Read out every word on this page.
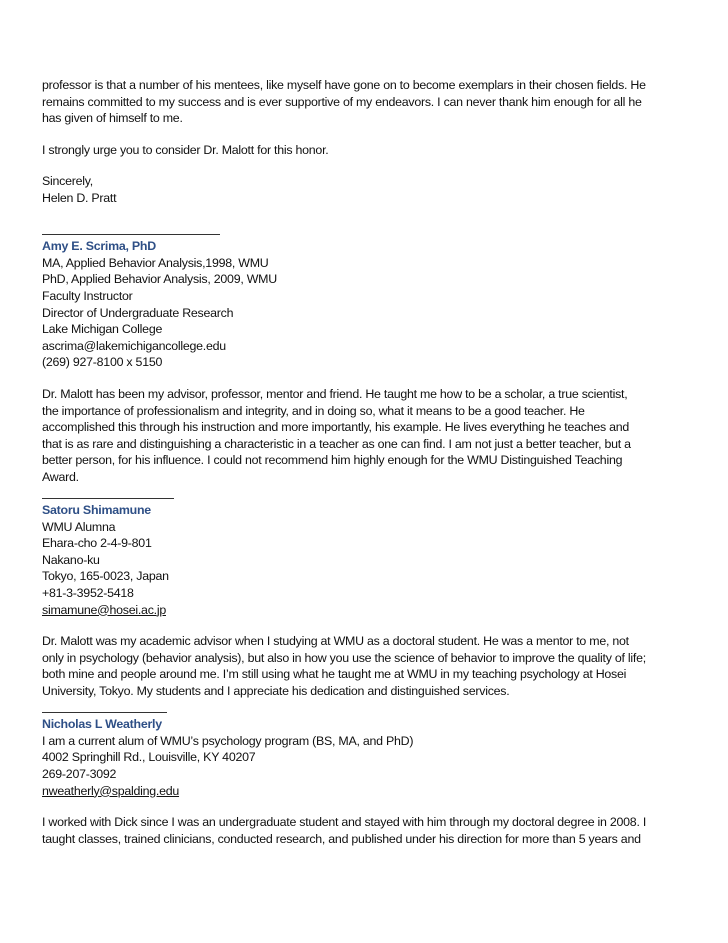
professor is that a number of his mentees, like myself have gone on to become exemplars in their chosen fields. He
remains committed to my success and is ever supportive of my endeavors. I can never thank him enough for all he
has given of himself to me.
I strongly urge you to consider Dr. Malott for this honor.
Sincerely,
Helen D. Pratt
Amy E. Scrima, PhD
MA, Applied Behavior Analysis,1998, WMU
PhD, Applied Behavior Analysis, 2009, WMU
Faculty Instructor
Director of Undergraduate Research
Lake Michigan College
ascrima@lakemichigancollege.edu
(269) 927-8100 x 5150
Dr. Malott has been my advisor, professor, mentor and friend. He taught me how to be a scholar, a true scientist,
the importance of professionalism and integrity, and in doing so, what it means to be a good teacher. He
accomplished this through his instruction and more importantly, his example. He lives everything he teaches and
that is as rare and distinguishing a characteristic in a teacher as one can find. I am not just a better teacher, but a
better person, for his influence. I could not recommend him highly enough for the WMU Distinguished Teaching
Award.
Satoru Shimamune
WMU Alumna
Ehara-cho 2-4-9-801
Nakano-ku
Tokyo, 165-0023, Japan
+81-3-3952-5418
simamune@hosei.ac.jp
Dr. Malott was my academic advisor when I studying at WMU as a doctoral student. He was a mentor to me, not
only in psychology (behavior analysis), but also in how you use the science of behavior to improve the quality of life;
both mine and people around me. I’m still using what he taught me at WMU in my teaching psychology at Hosei
University, Tokyo. My students and I appreciate his dedication and distinguished services.
Nicholas L Weatherly
I am a current alum of WMU’s psychology program (BS, MA, and PhD)
4002 Springhill Rd., Louisville, KY 40207
269-207-3092
nweatherly@spalding.edu
I worked with Dick since I was an undergraduate student and stayed with him through my doctoral degree in 2008. I
taught classes, trained clinicians, conducted research, and published under his direction for more than 5 years and
